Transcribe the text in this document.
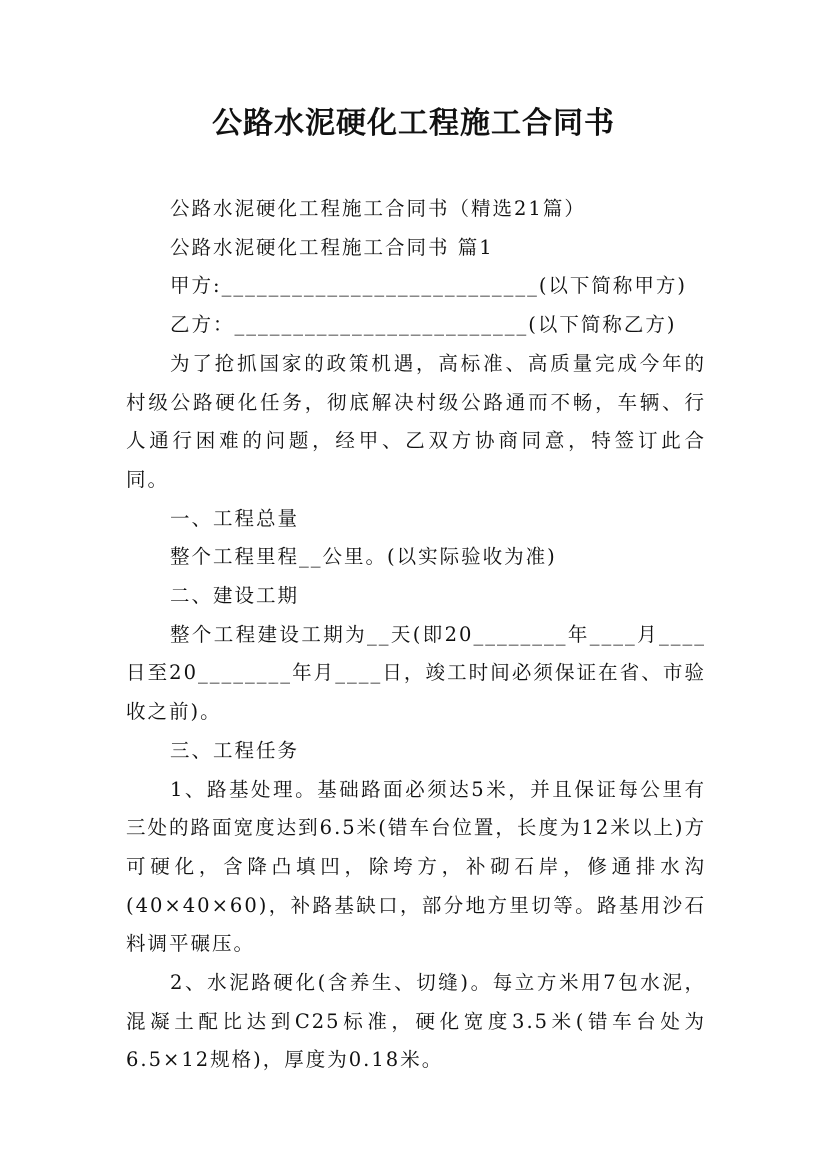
公路水泥硬化工程施工合同书

公路水泥硬化工程施工合同书（精选21篇）

公路水泥硬化工程施工合同书 篇1

甲方:___________________________(以下简称甲方)

乙方：_________________________(以下简称乙方)

为了抢抓国家的政策机遇，高标准、高质量完成今年的村级公路硬化任务，彻底解决村级公路通而不畅，车辆、行人通行困难的问题，经甲、乙双方协商同意，特签订此合同。

一、工程总量

整个工程里程__公里。(以实际验收为准)

二、建设工期

整个工程建设工期为__天(即20________年____月____日至20________年月____日，竣工时间必须保证在省、市验收之前)。

三、工程任务

1、路基处理。基础路面必须达5米，并且保证每公里有三处的路面宽度达到6.5米(错车台位置，长度为12米以上)方可硬化，含降凸填凹，除垮方，补砌石岸，修通排水沟(40×40×60)，补路基缺口，部分地方里切等。路基用沙石料调平碾压。

2、水泥路硬化(含养生、切缝)。每立方米用7包水泥，混凝土配比达到C25标准，硬化宽度3.5米(错车台处为6.5×12规格)，厚度为0.18米。
